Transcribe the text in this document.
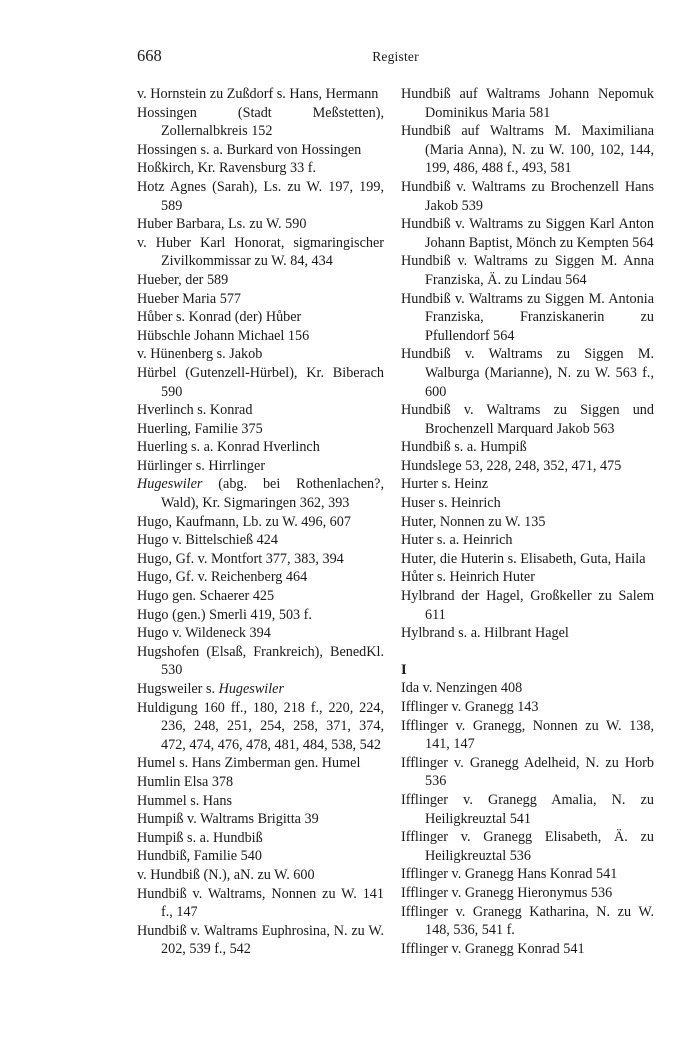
668	Register
v. Hornstein zu Zußdorf s. Hans, Hermann
Hossingen (Stadt Meßstetten), Zollernalbkreis 152
Hossingen s. a. Burkard von Hossingen
Hoßkirch, Kr. Ravensburg 33 f.
Hotz Agnes (Sarah), Ls. zu W. 197, 199, 589
Huber Barbara, Ls. zu W. 590
v. Huber Karl Honorat, sigmaringischer Zivilkommissar zu W. 84, 434
Hueber, der 589
Hueber Maria 577
Hůber s. Konrad (der) Hůber
Hübschle Johann Michael 156
v. Hünenberg s. Jakob
Hürbel (Gutenzell-Hürbel), Kr. Biberach 590
Hverlinch s. Konrad
Huerling, Familie 375
Huerling s. a. Konrad Hverlinch
Hürlinger s. Hirrlinger
Hugeswiler (abg. bei Rothenlachen?, Wald), Kr. Sigmaringen 362, 393
Hugo, Kaufmann, Lb. zu W. 496, 607
Hugo v. Bittelschieß 424
Hugo, Gf. v. Montfort 377, 383, 394
Hugo, Gf. v. Reichenberg 464
Hugo gen. Schaerer 425
Hugo (gen.) Smerli 419, 503 f.
Hugo v. Wildeneck 394
Hugshofen (Elsaß, Frankreich), BenedKl. 530
Hugsweiler s. Hugeswiler
Huldigung 160 ff., 180, 218 f., 220, 224, 236, 248, 251, 254, 258, 371, 374, 472, 474, 476, 478, 481, 484, 538, 542
Humel s. Hans Zimberman gen. Humel
Humlin Elsa 378
Hummel s. Hans
Humpiß v. Waltrams Brigitta 39
Humpiß s. a. Hundbiß
Hundbiß, Familie 540
v. Hundbiß (N.), aN. zu W. 600
Hundbiß v. Waltrams, Nonnen zu W. 141 f., 147
Hundbiß v. Waltrams Euphrosina, N. zu W. 202, 539 f., 542
Hundbiß auf Waltrams Johann Nepomuk Dominikus Maria 581
Hundbiß auf Waltrams M. Maximiliana (Maria Anna), N. zu W. 100, 102, 144, 199, 486, 488 f., 493, 581
Hundbiß v. Waltrams zu Brochenzell Hans Jakob 539
Hundbiß v. Waltrams zu Siggen Karl Anton Johann Baptist, Mönch zu Kempten 564
Hundbiß v. Waltrams zu Siggen M. Anna Franziska, Ä. zu Lindau 564
Hundbiß v. Waltrams zu Siggen M. Antonia Franziska, Franziskanerin zu Pfullendorf 564
Hundbiß v. Waltrams zu Siggen M. Walburga (Marianne), N. zu W. 563 f., 600
Hundbiß v. Waltrams zu Siggen und Brochenzell Marquard Jakob 563
Hundbiß s. a. Humpiß
Hundslege 53, 228, 248, 352, 471, 475
Hurter s. Heinz
Huser s. Heinrich
Huter, Nonnen zu W. 135
Huter s. a. Heinrich
Huter, die Huterin s. Elisabeth, Guta, Haila
Hůter s. Heinrich Huter
Hylbrand der Hagel, Großkeller zu Salem 611
Hylbrand s. a. Hilbrant Hagel
I
Ida v. Nenzingen 408
Ifflinger v. Granegg 143
Ifflinger v. Granegg, Nonnen zu W. 138, 141, 147
Ifflinger v. Granegg Adelheid, N. zu Horb 536
Ifflinger v. Granegg Amalia, N. zu Heiligkreuztal 541
Ifflinger v. Granegg Elisabeth, Ä. zu Heiligkreuztal 536
Ifflinger v. Granegg Hans Konrad 541
Ifflinger v. Granegg Hieronymus 536
Ifflinger v. Granegg Katharina, N. zu W. 148, 536, 541 f.
Ifflinger v. Granegg Konrad 541
